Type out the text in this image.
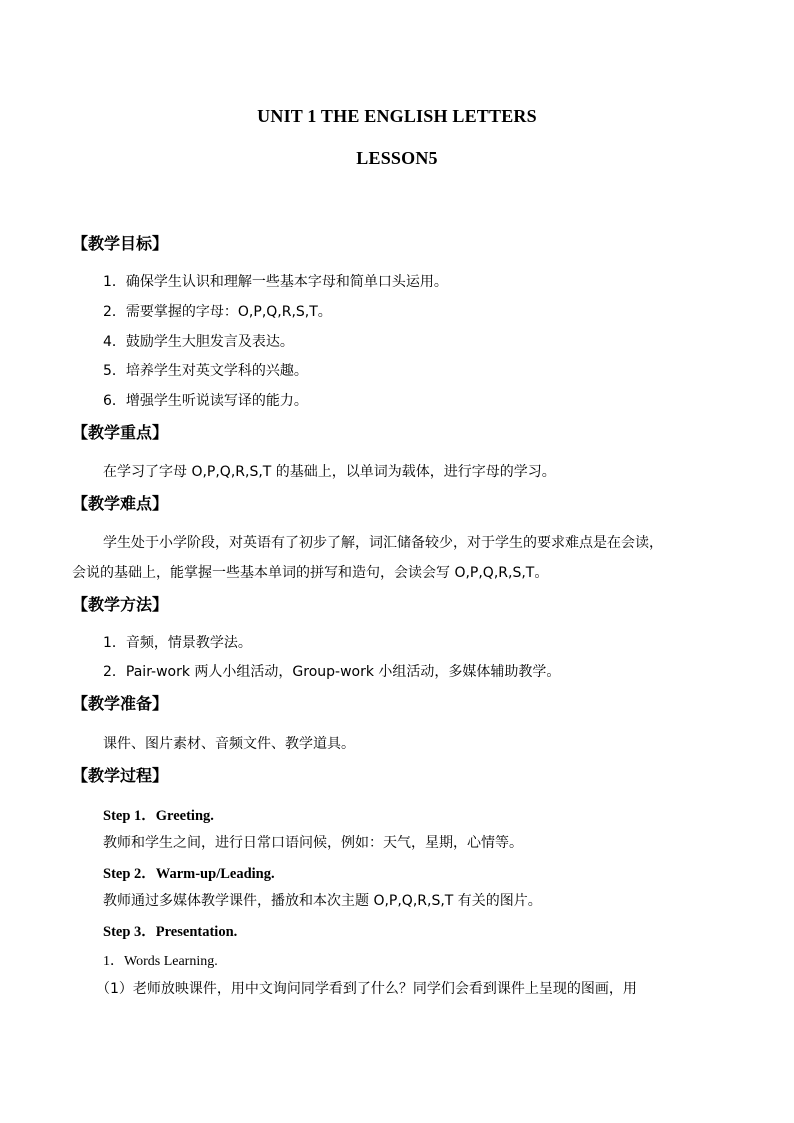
UNIT 1 THE ENGLISH LETTERS
LESSON5
【教学目标】
1．确保学生认识和理解一些基本字母和简单口头运用。
2．需要掌握的字母：O,P,Q,R,S,T。
4．鼓励学生大胆发言及表达。
5．培养学生对英文学科的兴趣。
6．增强学生听说读写译的能力。
【教学重点】
在学习了字母 O,P,Q,R,S,T 的基础上，以单词为载体，进行字母的学习。
【教学难点】
学生处于小学阶段，对英语有了初步了解，词汇储备较少，对于学生的要求难点是在会读，
会说的基础上，能掌握一些基本单词的拼写和造句，会读会写 O,P,Q,R,S,T。
【教学方法】
1．音频，情景教学法。
2．Pair-work 两人小组活动，Group-work 小组活动，多媒体辅助教学。
【教学准备】
课件、图片素材、音频文件、教学道具。
【教学过程】
Step 1．Greeting.
教师和学生之间，进行日常口语问候，例如：天气，星期，心情等。
Step 2．Warm-up/Leading.
教师通过多媒体教学课件，播放和本次主题 O,P,Q,R,S,T 有关的图片。
Step 3．Presentation.
1．Words Learning.
（1）老师放映课件，用中文询问同学看到了什么？同学们会看到课件上呈现的图画，用
